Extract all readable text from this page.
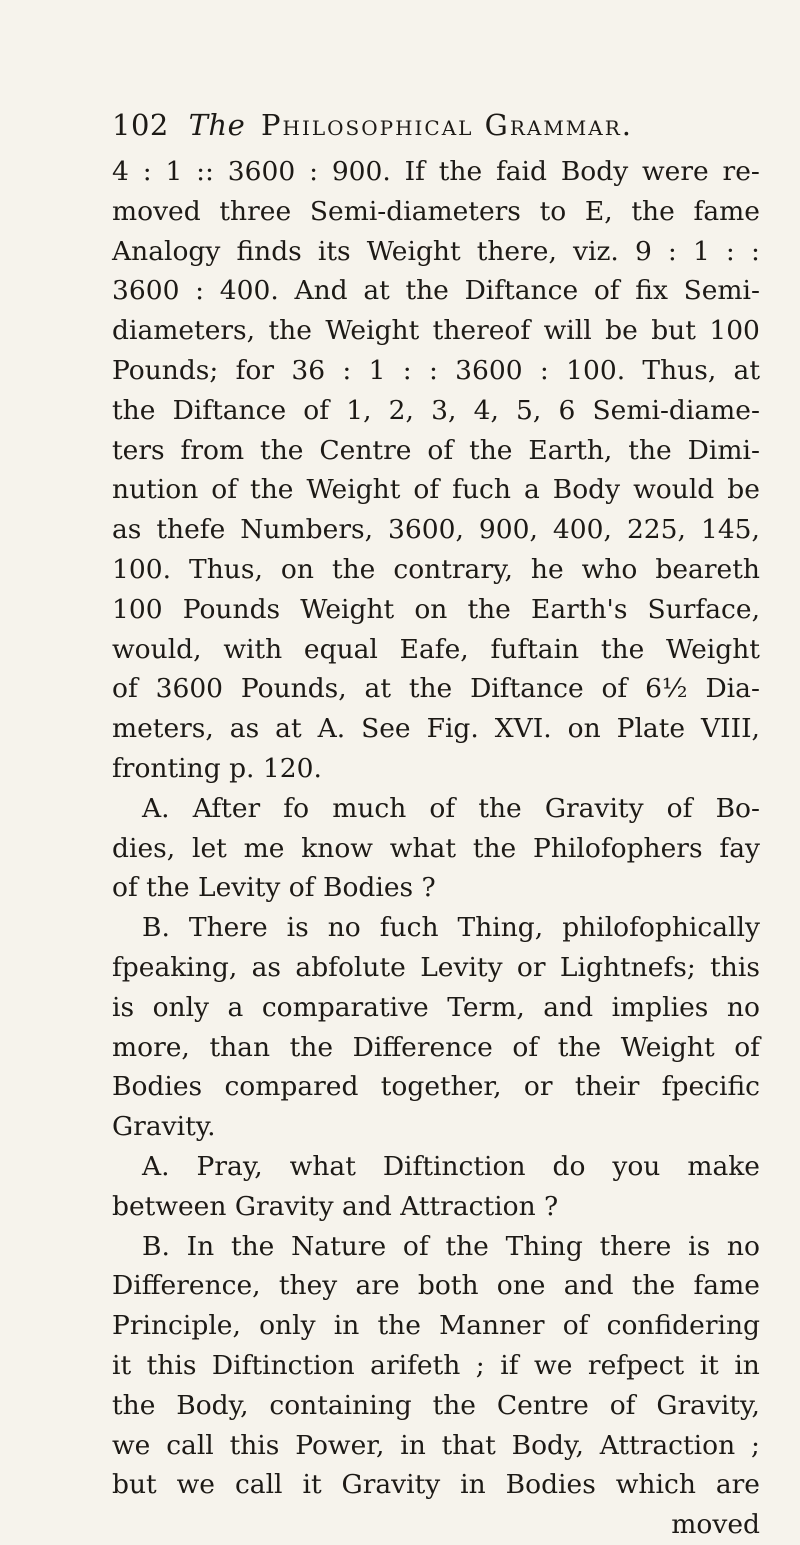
102 The Philosophical Grammar.
4 : 1 :: 3600 : 900. If the faid Body were re-
moved three Semi-diameters to E, the fame
Analogy finds its Weight there, viz. 9 : 1 : :
3600 : 400. And at the Diftance of fix Semi-
diameters, the Weight thereof will be but 100
Pounds; for 36 : 1 : : 3600 : 100. Thus, at
the Diftance of 1, 2, 3, 4, 5, 6 Semi-diame-
ters from the Centre of the Earth, the Dimi-
nution of the Weight of fuch a Body would be
as thefe Numbers, 3600, 900, 400, 225, 145,
100. Thus, on the contrary, he who beareth
100 Pounds Weight on the Earth's Surface,
would, with equal Eafe, fuftain the Weight
of 3600 Pounds, at the Diftance of 6½ Dia-
meters, as at A. See Fig. XVI. on Plate VIII,
fronting p. 120.
A. After fo much of the Gravity of Bo-
dies, let me know what the Philofophers fay
of the Levity of Bodies ?
B. There is no fuch Thing, philofophically
fpeaking, as abfolute Levity or Lightnefs; this
is only a comparative Term, and implies no
more, than the Difference of the Weight of
Bodies compared together, or their fpecific
Gravity.
A. Pray, what Diftinction do you make
between Gravity and Attraction ?
B. In the Nature of the Thing there is no
Difference, they are both one and the fame
Principle, only in the Manner of confidering
it this Diftinction arifeth ; if we refpect it in
the Body, containing the Centre of Gravity,
we call this Power, in that Body, Attraction ;
but we call it Gravity in Bodies which are
moved
